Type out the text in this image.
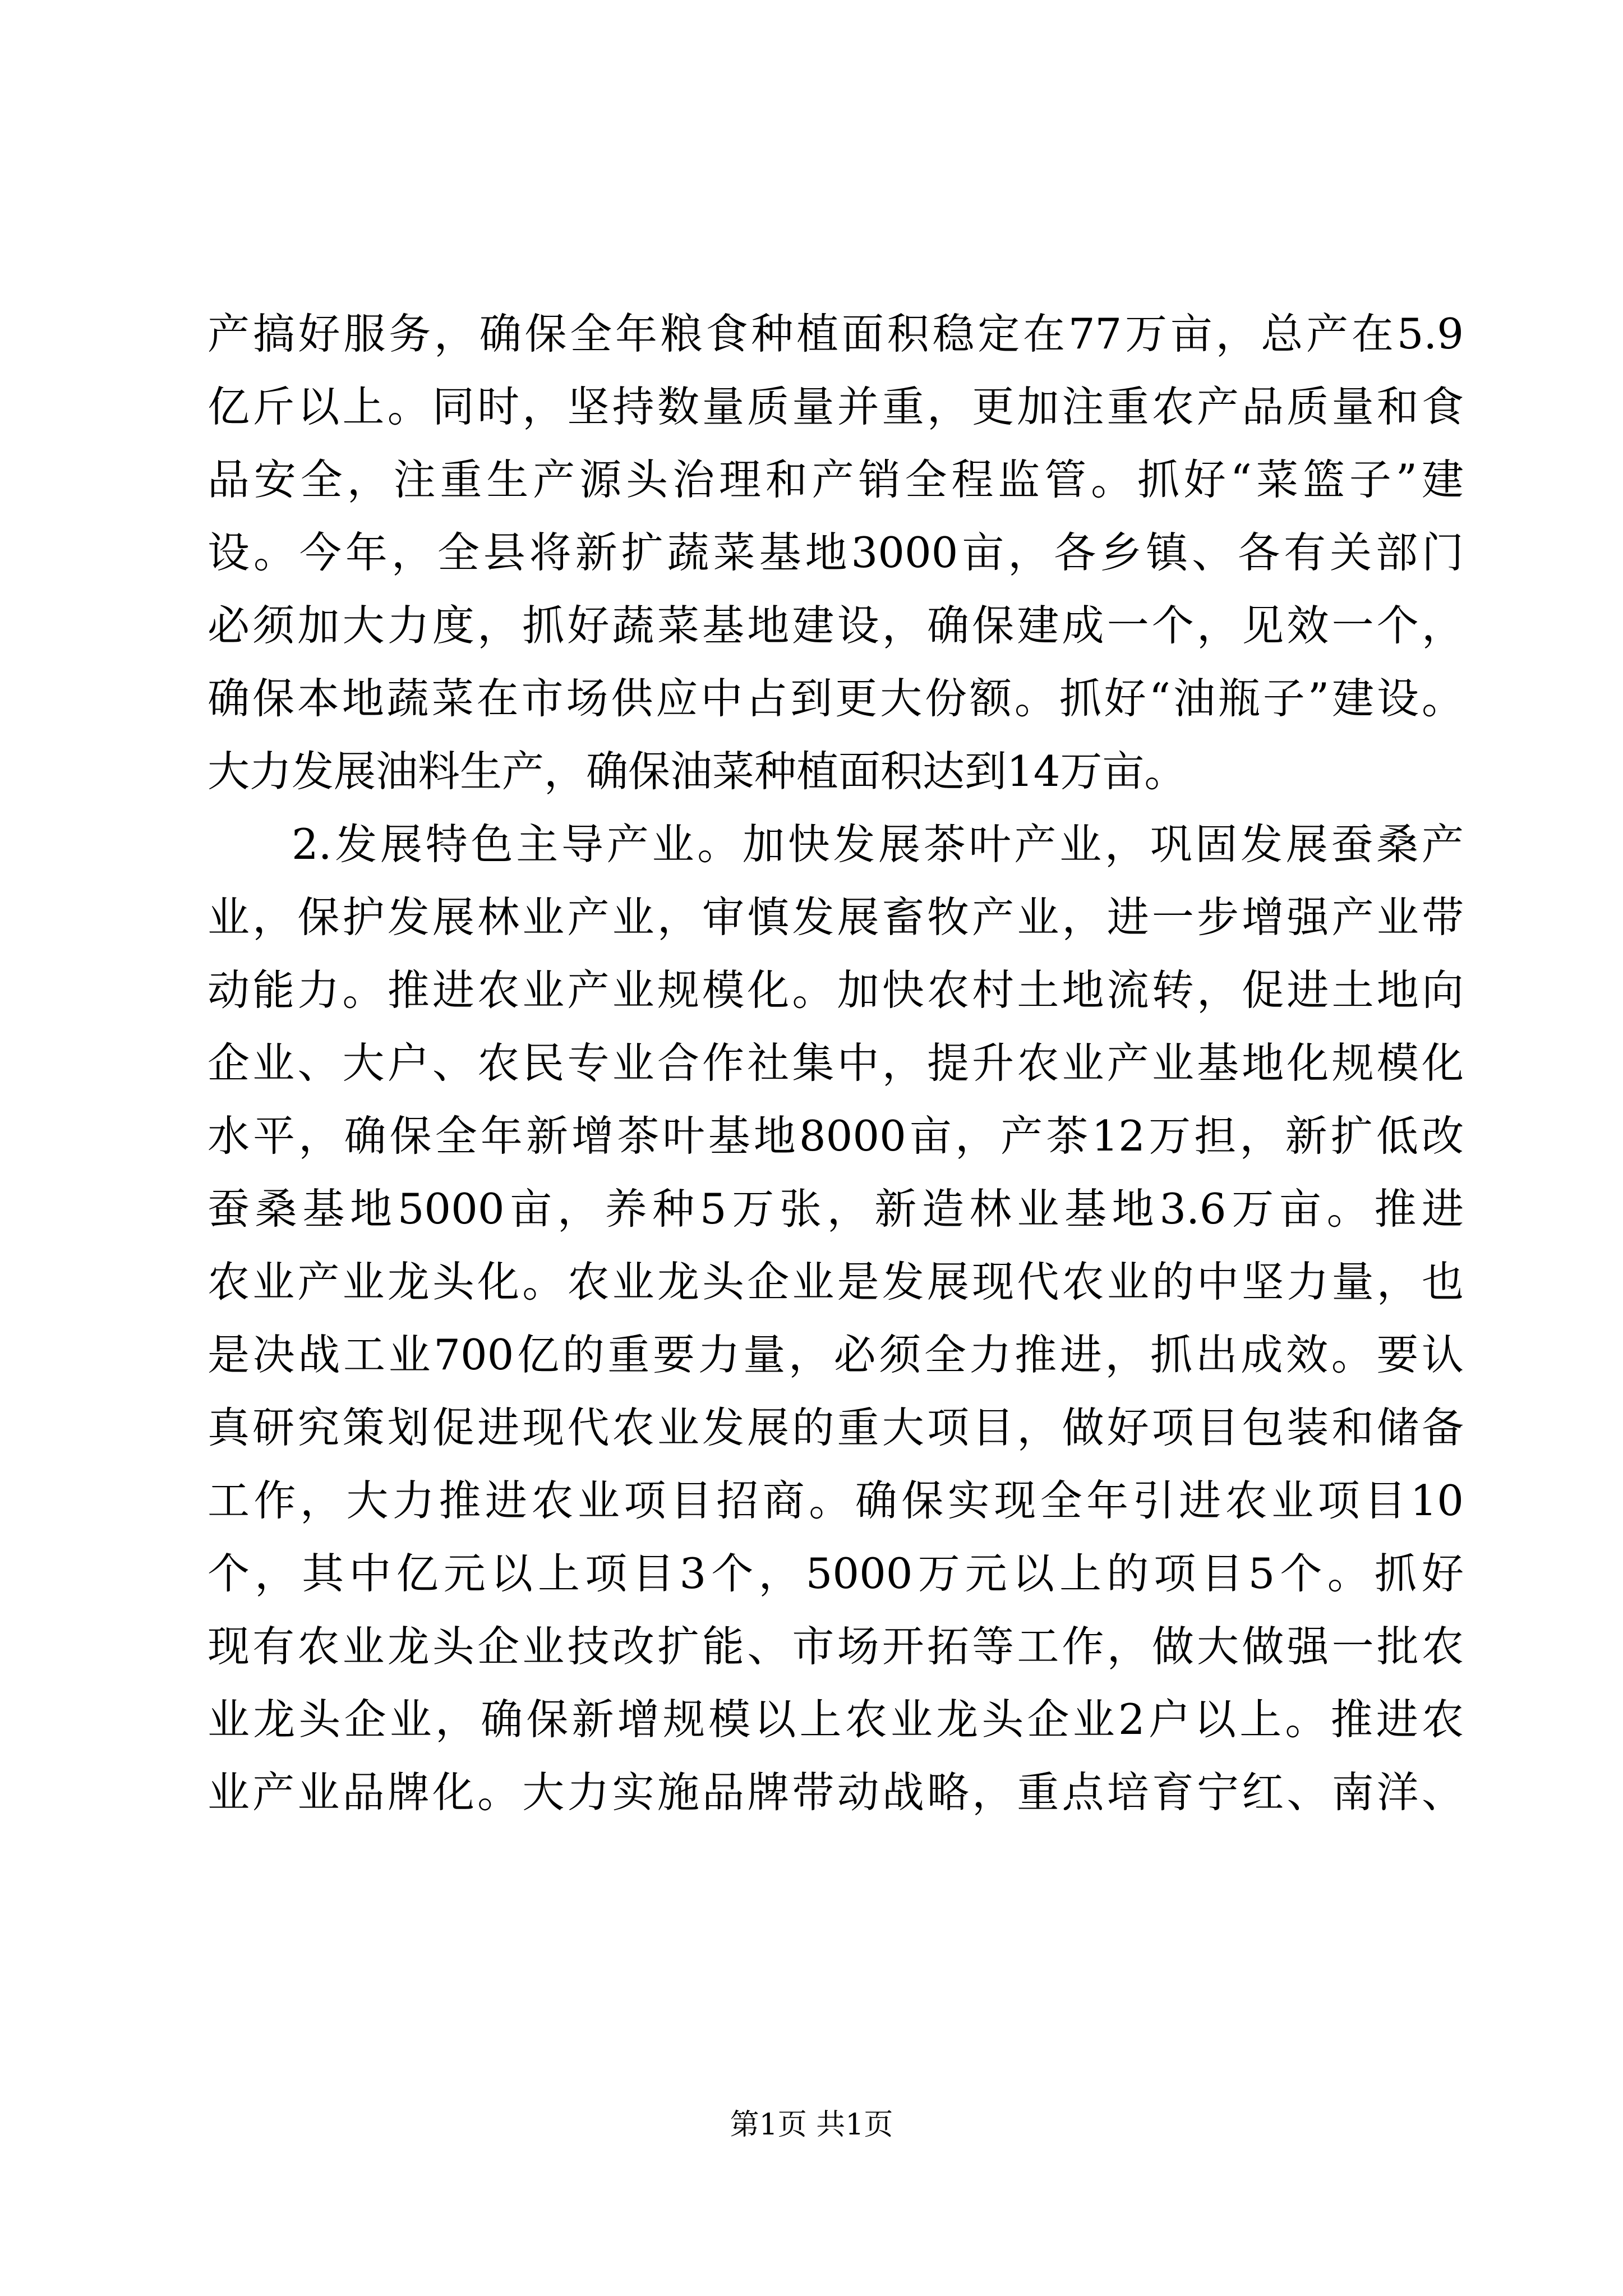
产搞好服务，确保全年粮食种植面积稳定在77万亩，总产在5.9
亿斤以上。同时，坚持数量质量并重，更加注重农产品质量和食
品安全，注重生产源头治理和产销全程监管。抓好“菜篮子”建
设。今年，全县将新扩蔬菜基地3000亩，各乡镇、各有关部门
必须加大力度，抓好蔬菜基地建设，确保建成一个，见效一个，
确保本地蔬菜在市场供应中占到更大份额。抓好“油瓶子”建设。
大力发展油料生产，确保油菜种植面积达到14万亩。
2.发展特色主导产业。加快发展茶叶产业，巩固发展蚕桑产
业，保护发展林业产业，审慎发展畜牧产业，进一步增强产业带
动能力。推进农业产业规模化。加快农村土地流转，促进土地向
企业、大户、农民专业合作社集中，提升农业产业基地化规模化
水平，确保全年新增茶叶基地8000亩，产茶12万担，新扩低改
蚕桑基地5000亩，养种5万张，新造林业基地3.6万亩。推进
农业产业龙头化。农业龙头企业是发展现代农业的中坚力量，也
是决战工业700亿的重要力量，必须全力推进，抓出成效。要认
真研究策划促进现代农业发展的重大项目，做好项目包装和储备
工作，大力推进农业项目招商。确保实现全年引进农业项目10
个，其中亿元以上项目3个，5000万元以上的项目5个。抓好
现有农业龙头企业技改扩能、市场开拓等工作，做大做强一批农
业龙头企业，确保新增规模以上农业龙头企业2户以上。推进农
业产业品牌化。大力实施品牌带动战略，重点培育宁红、南洋、
第1页 共1页
